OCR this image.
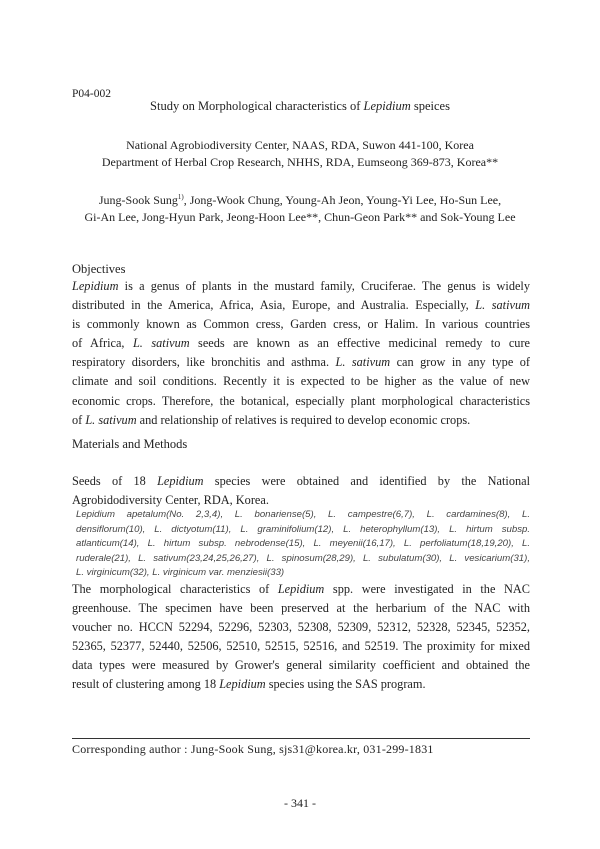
P04-002
Study on Morphological characteristics of Lepidium speices
National Agrobiodiversity Center, NAAS, RDA, Suwon 441-100, Korea
Department of Herbal Crop Research, NHHS, RDA, Eumseong 369-873, Korea**
Jung-Sook Sung$^{1)}$, Jong-Wook Chung, Young-Ah Jeon, Young-Yi Lee, Ho-Sun Lee,
Gi-An Lee, Jong-Hyun Park, Jeong-Hoon Lee**, Chun-Geon Park** and Sok-Young Lee
Objectives
Lepidium is a genus of plants in the mustard family, Cruciferae. The genus is widely
distributed in the America, Africa, Asia, Europe, and Australia. Especially, L. sativum
is commonly known as Common cress, Garden cress, or Halim. In various countries
of Africa, L. sativum seeds are known as an effective medicinal remedy to cure
respiratory disorders, like bronchitis and asthma. L. sativum can grow in any type of
climate and soil conditions. Recently it is expected to be higher as the value of new
economic crops. Therefore, the botanical, especially plant morphological characteristics
of L. sativum and relationship of relatives is required to develop economic crops.
Materials and Methods
Seeds of 18 Lepidium species were obtained and identified by the National
Agrobidodiversity Center, RDA, Korea.
Lepidium apetalum(No. 2,3,4), L. bonariense(5), L. campestre(6,7), L. cardamines(8), L.
densiflorum(10), L. dictyotum(11), L. graminifolium(12), L. heterophyllum(13), L. hirtum subsp.
atlanticum(14), L. hirtum subsp. nebrodense(15), L. meyenii(16,17), L. perfoliatum(18,19,20), L.
ruderale(21), L. sativum(23,24,25,26,27), L. spinosum(28,29), L. subulatum(30), L. vesicarium(31),
L. virginicum(32), L. virginicum var. menziesii(33)
The morphological characteristics of Lepidium spp. were investigated in the NAC
greenhouse. The specimen have been preserved at the herbarium of the NAC with
voucher no. HCCN 52294, 52296, 52303, 52308, 52309, 52312, 52328, 52345, 52352,
52365, 52377, 52440, 52506, 52510, 52515, 52516, and 52519. The proximity for mixed
data types were measured by Grower's general similarity coefficient and obtained the
result of clustering among 18 Lepidium species using the SAS program.
Corresponding author : Jung-Sook Sung, sjs31@korea.kr, 031-299-1831
- 341 -
